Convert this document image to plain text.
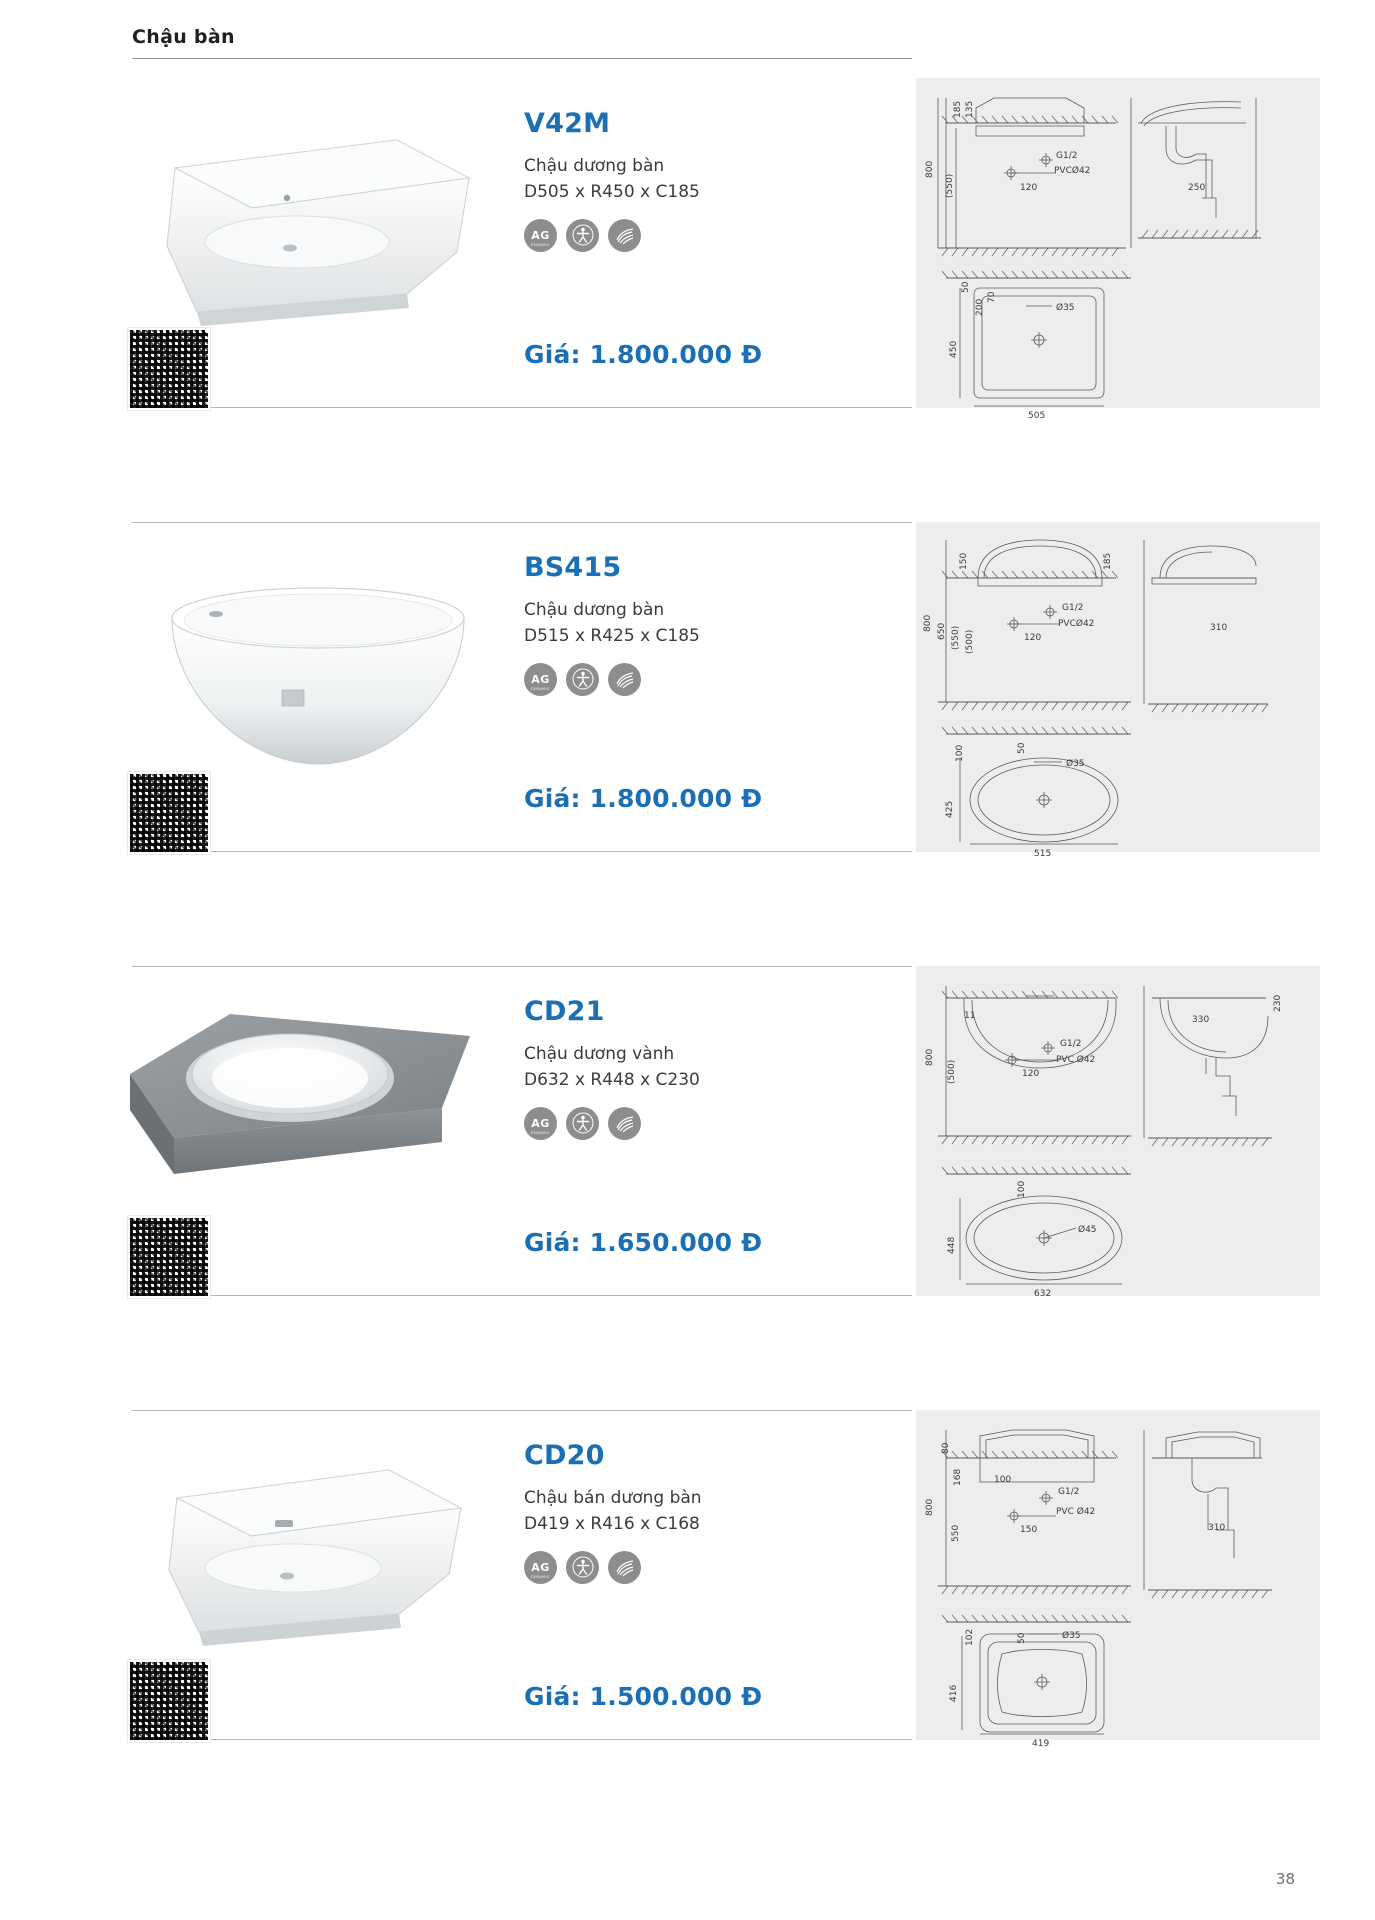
Chậu bàn
V42M
Chậu dương bàn
D505 x R450 x C185
AG
CERAMIC
Giá: 1.800.000 Đ
800
(550)
185 135
120
G1/2
PVCØ42
250
Ø35
450
50
200
70
505
BS415
Chậu dương bàn
D515 x R425 x C185
AG
CERAMIC
Giá: 1.800.000 Đ
800 650 (550) (500)
150	185
120
G1/2
PVCØ42	310
Ø35
50
100
425
515
CD21
Chậu dương vành
D632 x R448 x C230
AG
CERAMIC
Giá: 1.650.000 Đ
11
800
(500)	120
G1/2
PVC Ø42
330
230
Ø45
100
448
632
CD20
Chậu bán dương bàn
D419 x R416 x C168
AG
CERAMIC
Giá: 1.500.000 Đ
800
550
80
168	100
150
G1/2
PVC Ø42
310
Ø35
102	50
416
419
38
